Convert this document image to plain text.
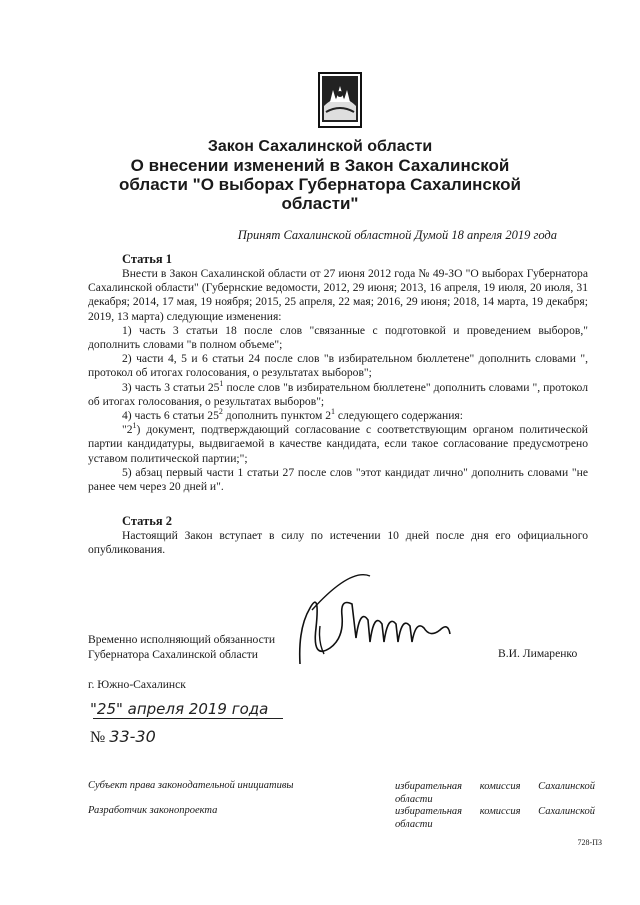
Закон Сахалинской области
О внесении изменений в Закон Сахалинской
области "О выборах Губернатора Сахалинской
области"
Принят Сахалинской областной Думой 18 апреля 2019 года
Статья 1

Внести в Закон Сахалинской области от 27 июня 2012 года № 49-ЗО "О выборах Губернатора Сахалинской области" (Губернские ведомости, 2012, 29 июня; 2013, 16 апреля, 19 июля, 20 июля, 31 декабря; 2014, 17 мая, 19 ноября; 2015, 25 апреля, 22 мая; 2016, 29 июня; 2018, 14 марта, 19 декабря; 2019, 13 марта) следующие изменения:

1) часть 3 статьи 18 после слов "связанные с подготовкой и проведением выборов," дополнить словами "в полном объеме";

2) части 4, 5 и 6 статьи 24 после слов "в избирательном бюллетене" дополнить словами ", протокол об итогах голосования, о результатах выборов";

3) часть 3 статьи $25^1$ после слов "в избирательном бюллетене" дополнить словами ", протокол об итогах голосования, о результатах выборов";

4) часть 6 статьи $25^2$ дополнить пунктом $2^1$ следующего содержания:

"$2^1$) документ, подтверждающий согласование с соответствующим органом политической партии кандидатуры, выдвигаемой в качестве кандидата, если такое согласование предусмотрено уставом политической партии;";

5) абзац первый части 1 статьи 27 после слов "этот кандидат лично" дополнить словами "не ранее чем через 20 дней и".

Статья 2

Настоящий Закон вступает в силу по истечении 10 дней после дня его официального опубликования.

Временно исполняющий обязанности
Губернатора Сахалинской области	В.И. Лимаренко
г. Южно-Сахалинск
"25" апреля 2019 года
№ 33-30
Субъект права законодательной инициативы	избирательная комиссия Сахалинской области
Разработчик законопроекта	избирательная комиссия Сахалинской области
728-ПЗ
